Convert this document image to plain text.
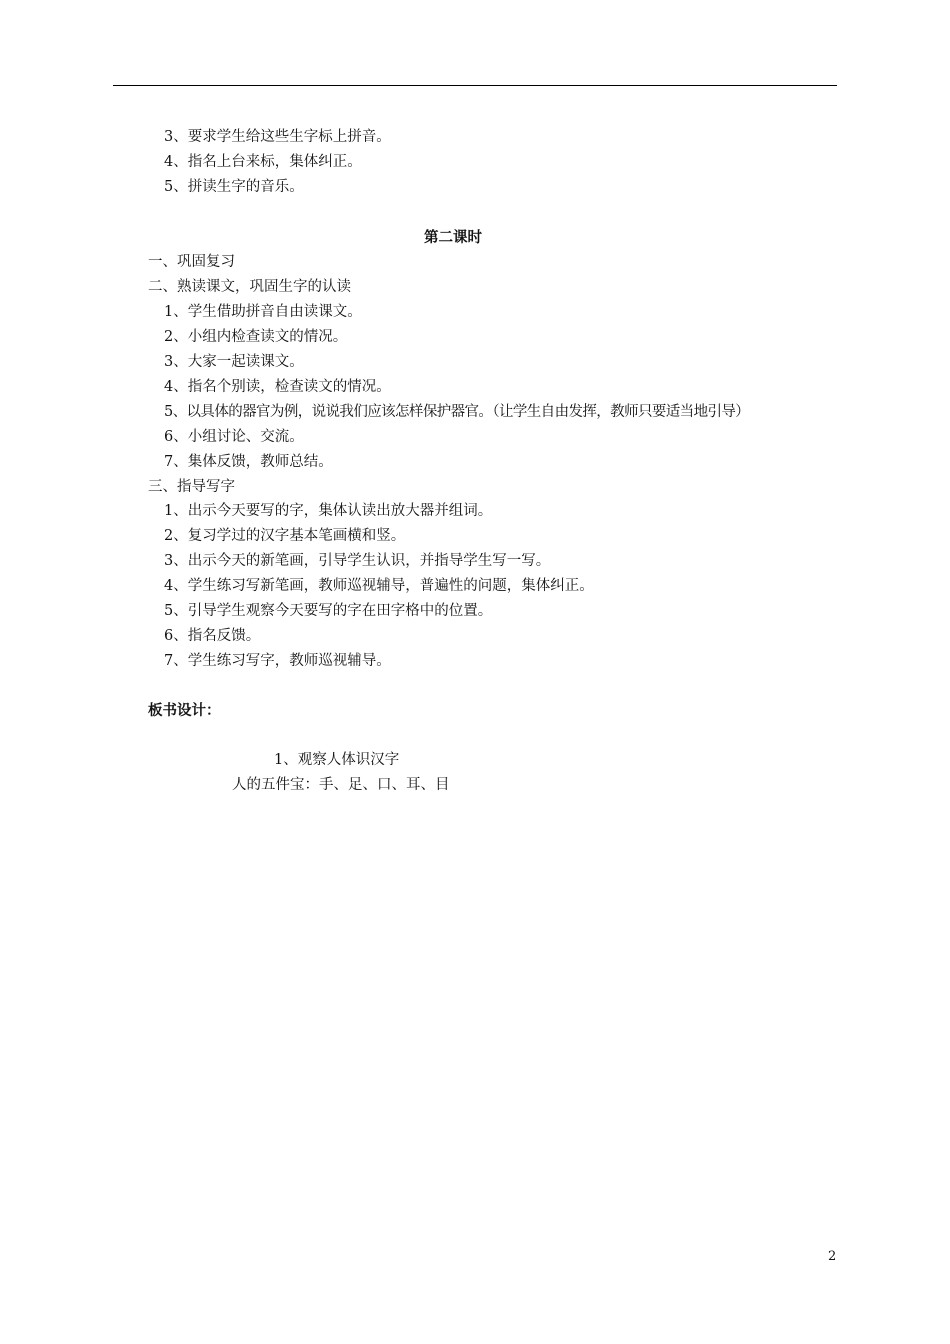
3、要求学生给这些生字标上拼音。
4、指名上台来标，集体纠正。
5、拼读生字的音乐。
第二课时
一、巩固复习
二、熟读课文，巩固生字的认读
1、学生借助拼音自由读课文。
2、小组内检查读文的情况。
3、大家一起读课文。
4、指名个别读，检查读文的情况。
5、以具体的器官为例，说说我们应该怎样保护器官。（让学生自由发挥，教师只要适当地引导）
6、小组讨论、交流。
7、集体反馈，教师总结。
三、指导写字
1、出示今天要写的字，集体认读出放大器并组词。
2、复习学过的汉字基本笔画横和竖。
3、出示今天的新笔画，引导学生认识，并指导学生写一写。
4、学生练习写新笔画，教师巡视辅导，普遍性的问题，集体纠正。
5、引导学生观察今天要写的字在田字格中的位置。
6、指名反馈。
7、学生练习写字，教师巡视辅导。
板书设计：
1、观察人体识汉字
人的五件宝：手、足、口、耳、目
2
